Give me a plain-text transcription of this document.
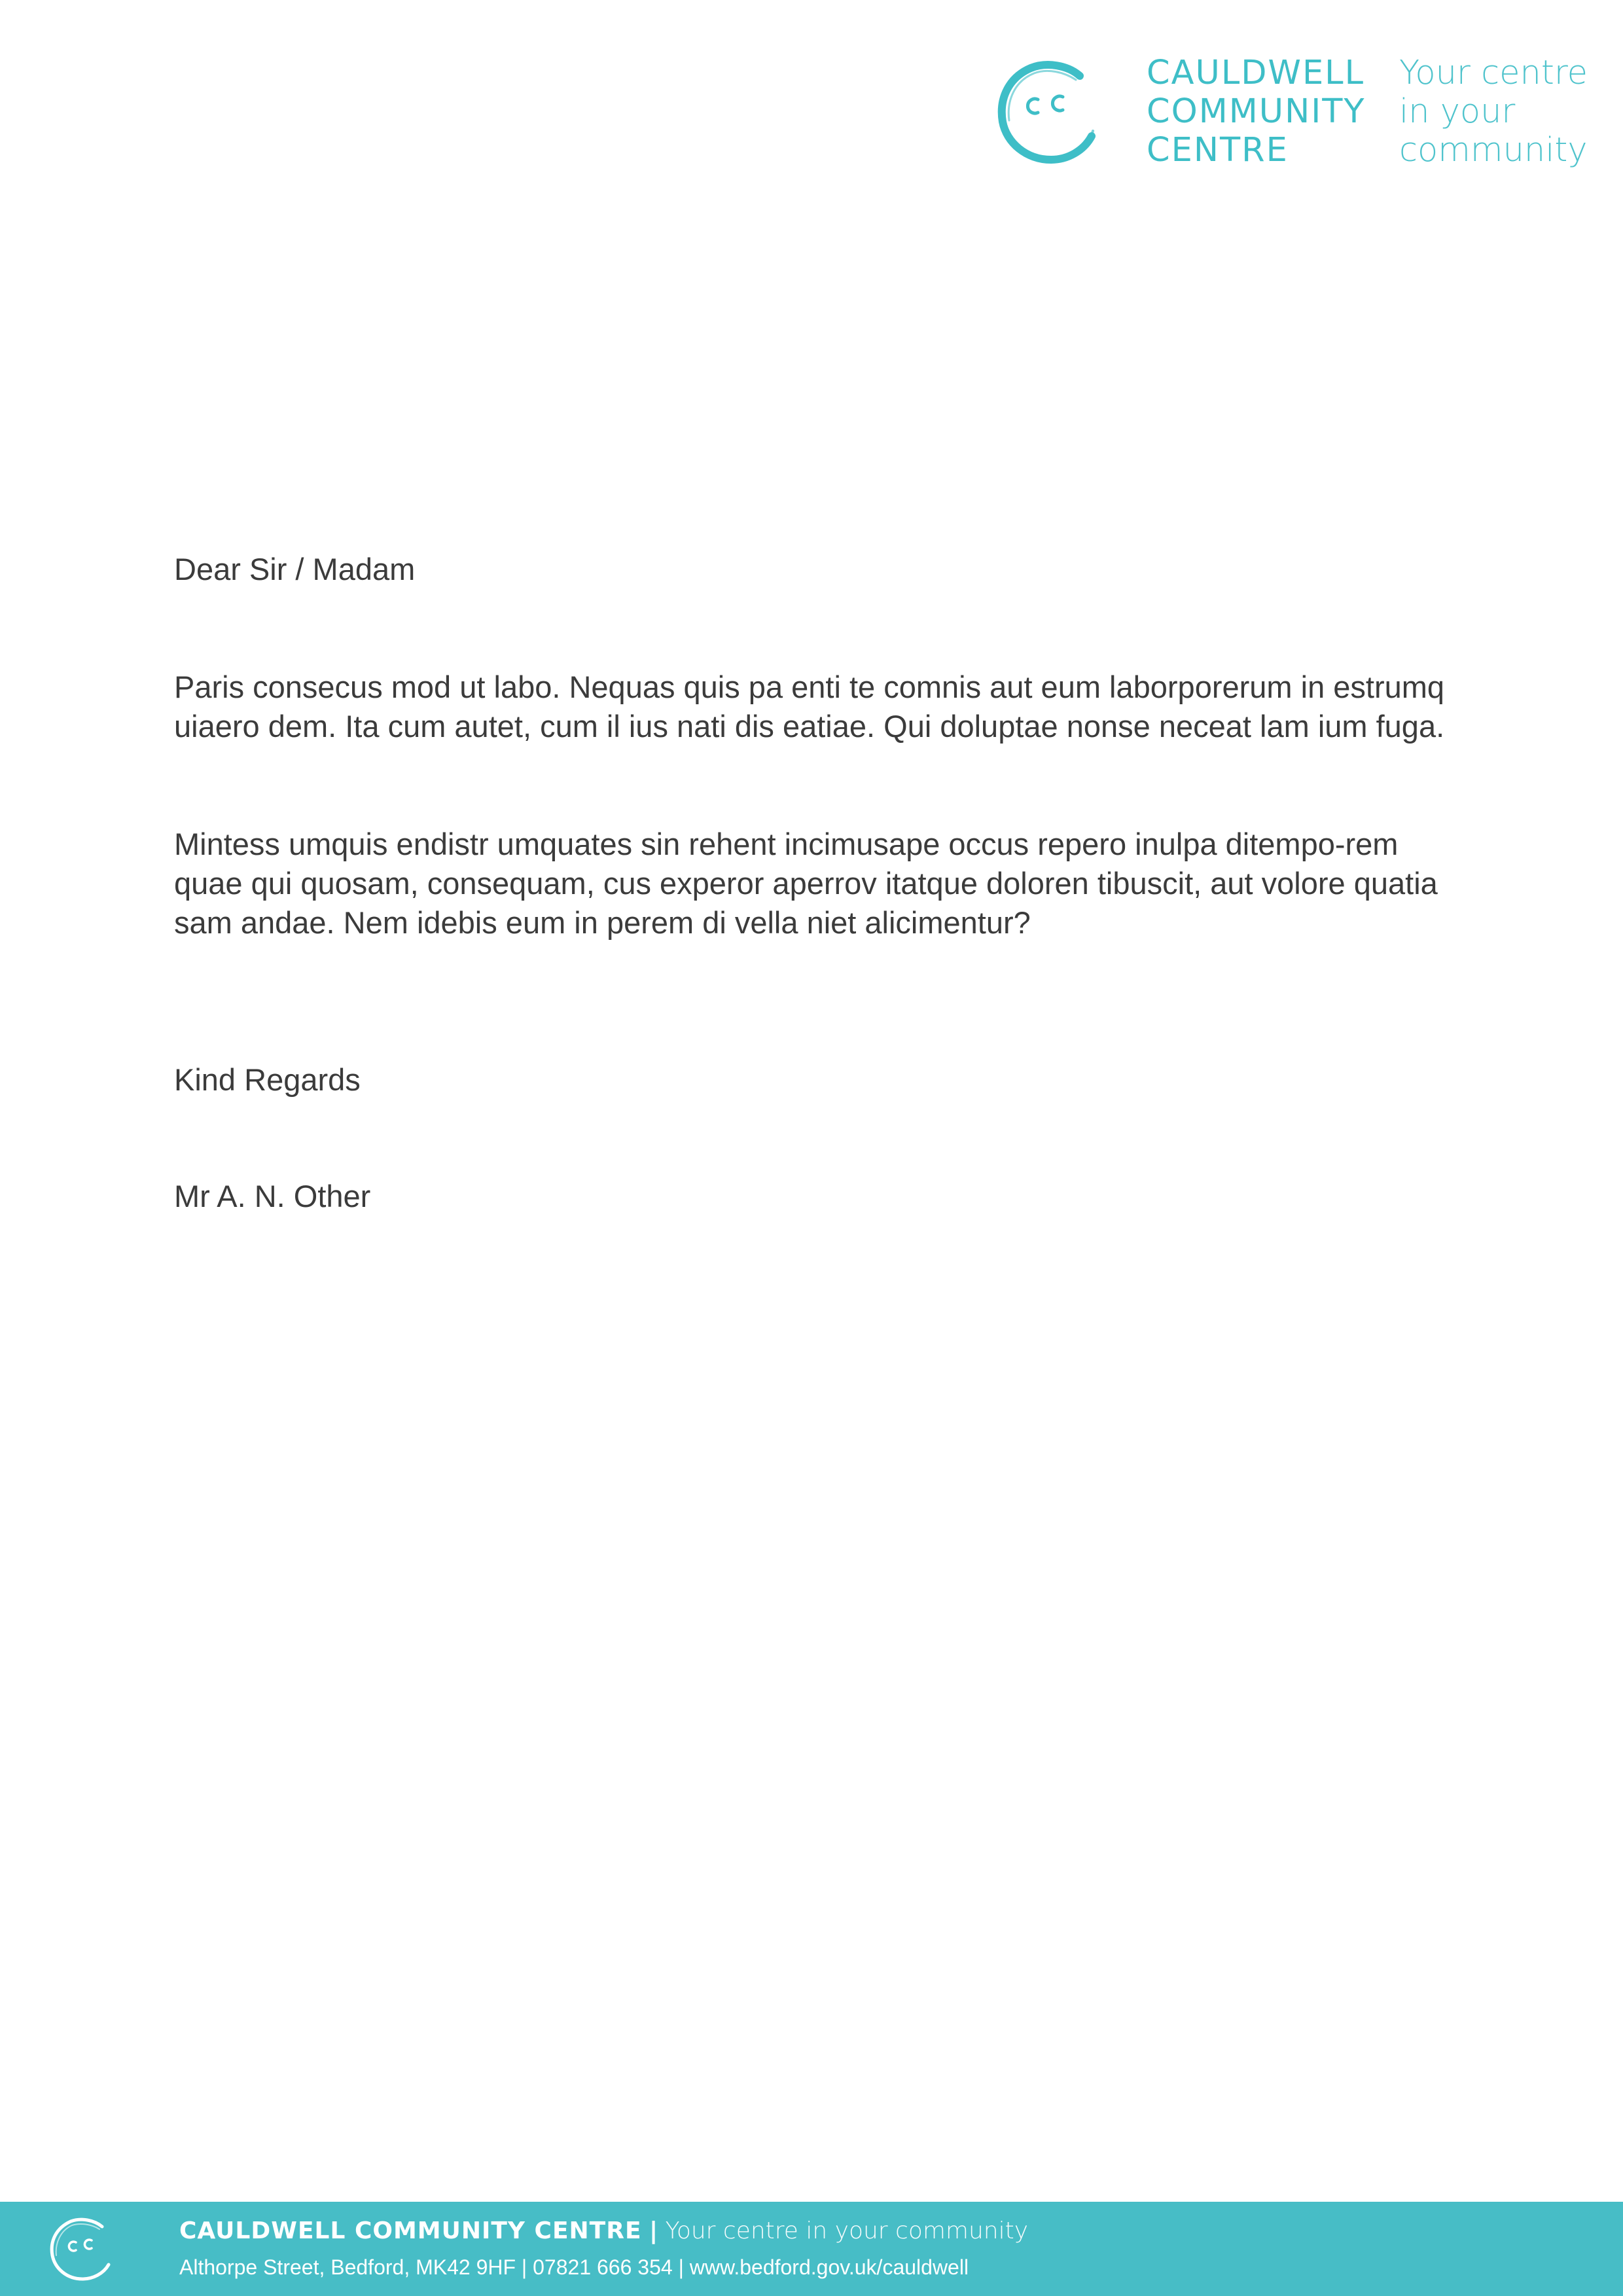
CAULDWELL
COMMUNITY
CENTRE
Your centre
in your
community

Dear Sir / Madam

Paris consecus mod ut labo. Nequas quis pa enti te comnis aut eum laborporerum in estrumq uiaero dem. Ita cum autet, cum il ius nati dis eatiae. Qui doluptae nonse neceat lam ium fuga.

Mintess umquis endistr umquates sin rehent incimusape occus repero inulpa ditempo-rem quae qui quosam, consequam, cus experor aperrov itatque doloren tibuscit, aut volore quatia sam andae. Nem idebis eum in perem di vella niet alicimentur?

Kind Regards

Mr A. N. Other

CAULDWELL COMMUNITY CENTRE | Your centre in your community
Althorpe Street, Bedford, MK42 9HF | 07821 666 354 | www.bedford.gov.uk/cauldwell
